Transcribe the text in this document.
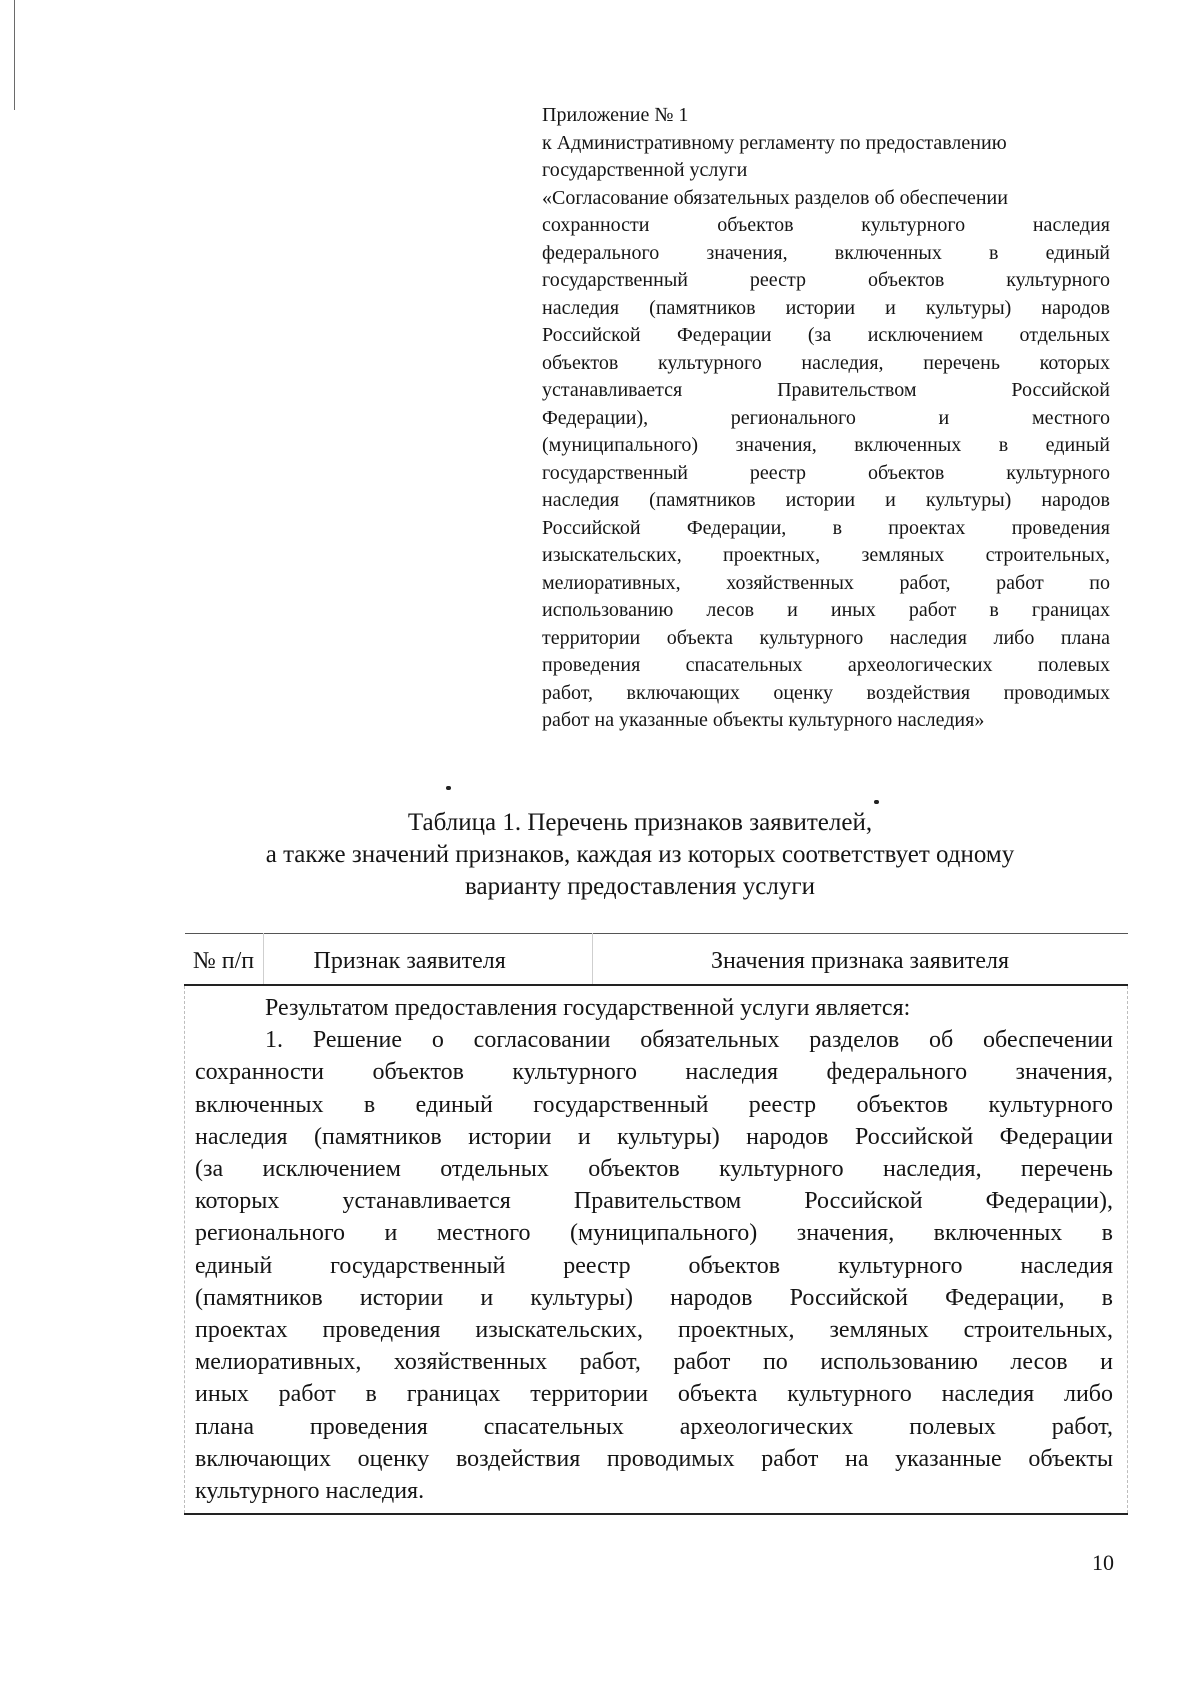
Приложение № 1
к Административному регламенту по предоставлению
государственной услуги
«Согласование обязательных разделов об обеспечении
сохранности объектов культурного наследия
федерального значения, включенных в единый
государственный реестр объектов культурного
наследия (памятников истории и культуры) народов
Российской Федерации (за исключением отдельных
объектов культурного наследия, перечень которых
устанавливается Правительством Российской
Федерации), регионального и местного
(муниципального) значения, включенных в единый
государственный реестр объектов культурного
наследия (памятников истории и культуры) народов
Российской Федерации, в проектах проведения
изыскательских, проектных, земляных строительных,
мелиоративных, хозяйственных работ, работ по
использованию лесов и иных работ в границах
территории объекта культурного наследия либо плана
проведения спасательных археологических полевых
работ, включающих оценку воздействия проводимых
работ на указанные объекты культурного наследия»
Таблица 1. Перечень признаков заявителей,
а также значений признаков, каждая из которых соответствует одному
варианту предоставления услуги
№ п/п	Признак заявителя	Значения признака заявителя

Результатом предоставления государственной услуги является:
1. Решение о согласовании обязательных разделов об обеспечении
сохранности объектов культурного наследия федерального значения,
включенных в единый государственный реестр объектов культурного
наследия (памятников истории и культуры) народов Российской Федерации
(за исключением отдельных объектов культурного наследия, перечень
которых устанавливается Правительством Российской Федерации),
регионального и местного (муниципального) значения, включенных в
единый государственный реестр объектов культурного наследия
(памятников истории и культуры) народов Российской Федерации, в
проектах проведения изыскательских, проектных, земляных строительных,
мелиоративных, хозяйственных работ, работ по использованию лесов и
иных работ в границах территории объекта культурного наследия либо
плана проведения спасательных археологических полевых работ,
включающих оценку воздействия проводимых работ на указанные объекты
культурного наследия.
10
